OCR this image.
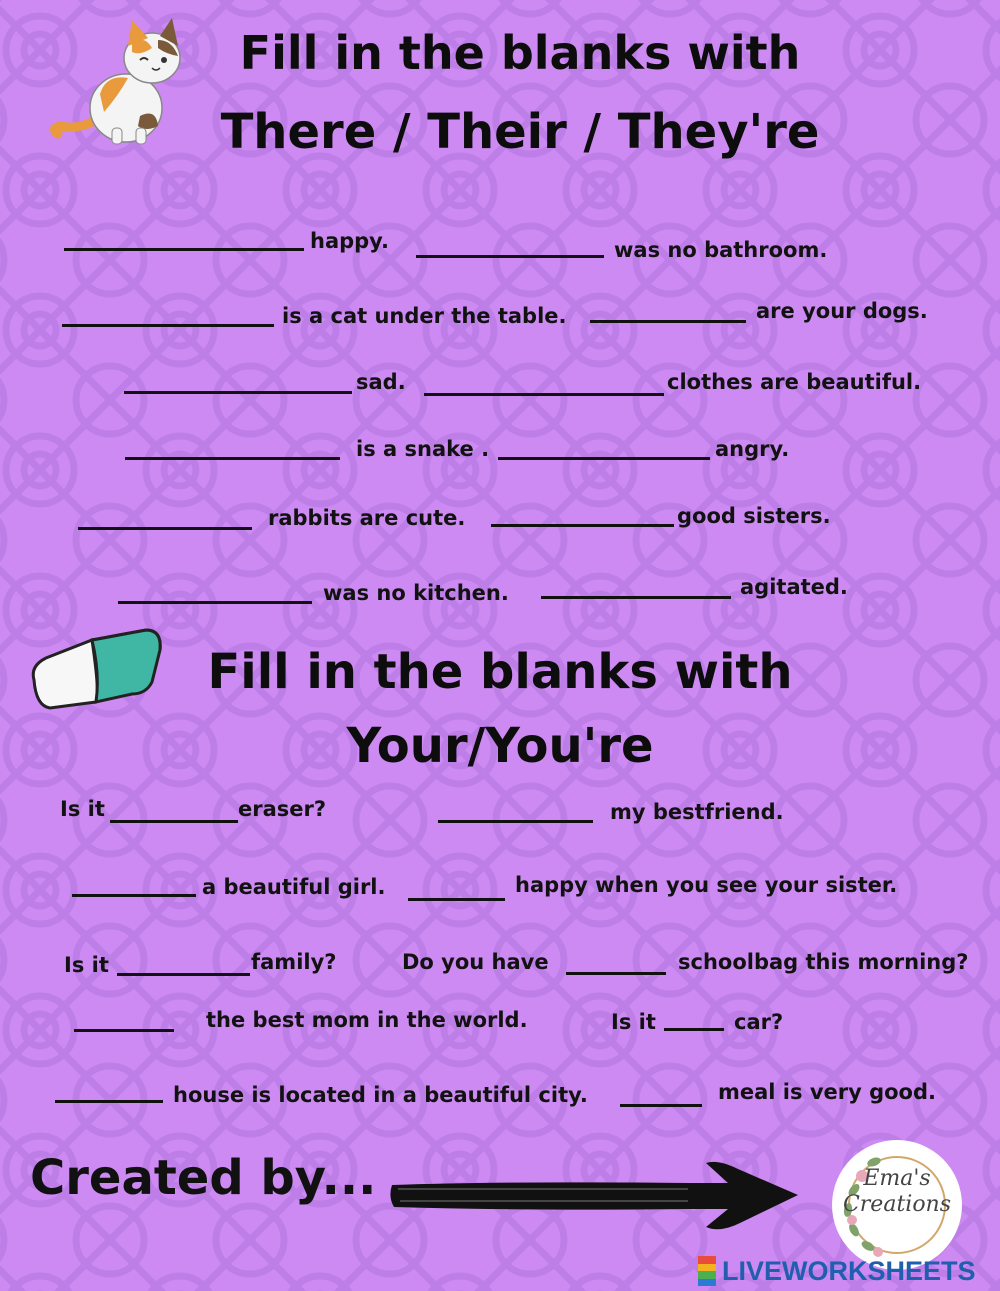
Fill in the blanks with
There / Their / They're
happy.	was no bathroom.
is a cat under the table.	are your dogs.
sad.	clothes are beautiful.
is a snake .	angry.
rabbits are cute.	good sisters.
was no kitchen.	agitated.
Fill in the blanks with
Your/You're
Is it	eraser?	my bestfriend.
a beautiful girl.	happy when you see your sister.
Is it	family?	Do you have	schoolbag this morning?
the best mom in the world.	Is it	car?
house is located in a beautiful city.	meal is very good.
Created by...	Ema's
Creations
LIVEWORKSHEETS
